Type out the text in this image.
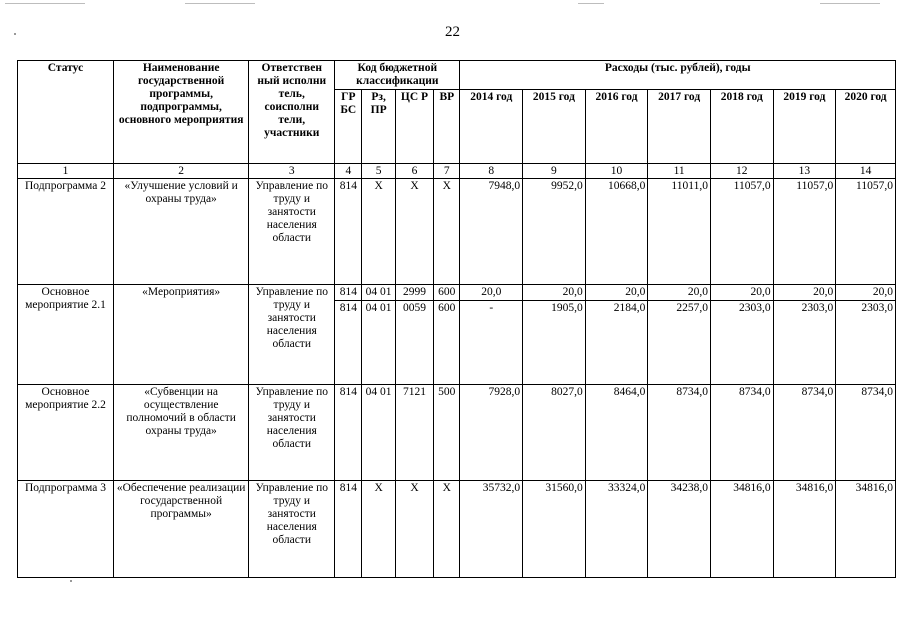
22
Статус	Наименование государственной программы, подпрограммы, основного мероприятия	Ответствен ный исполни тель, соисполни тели, участники	Код бюджетной классификации				Расходы (тыс. рублей), годы						
			ГР БС	Рз, ПР	ЦС Р	ВР	2014 год	2015 год	2016 год	2017 год	2018 год	2019 год	2020 год
1	2	3	4	5	6	7	8	9	10	11	12	13	14
Подпрограмма 2	«Улучшение условий и охраны труда»	Управление по труду и занятости населения области	814	Х	Х	Х	7948,0	9952,0	10668,0	11011,0	11057,0	11057,0	11057,0
Основное мероприятие 2.1	«Мероприятия»	Управление по труду и занятости населения области	814	04 01	2999	600	20,0	20,0	20,0	20,0	20,0	20,0	20,0
			814	04 01	0059	600	-	1905,0	2184,0	2257,0	2303,0	2303,0	2303,0
Основное мероприятие 2.2	«Субвенции на осуществление полномочий в области охраны труда»	Управление по труду и занятости населения области	814	04 01	7121	500	7928,0	8027,0	8464,0	8734,0	8734,0	8734,0	8734,0
Подпрограмма 3	«Обеспечение реализации государственной программы»	Управление по труду и занятости населения области	814	Х	Х	Х	35732,0	31560,0	33324,0	34238,0	34816,0	34816,0	34816,0
